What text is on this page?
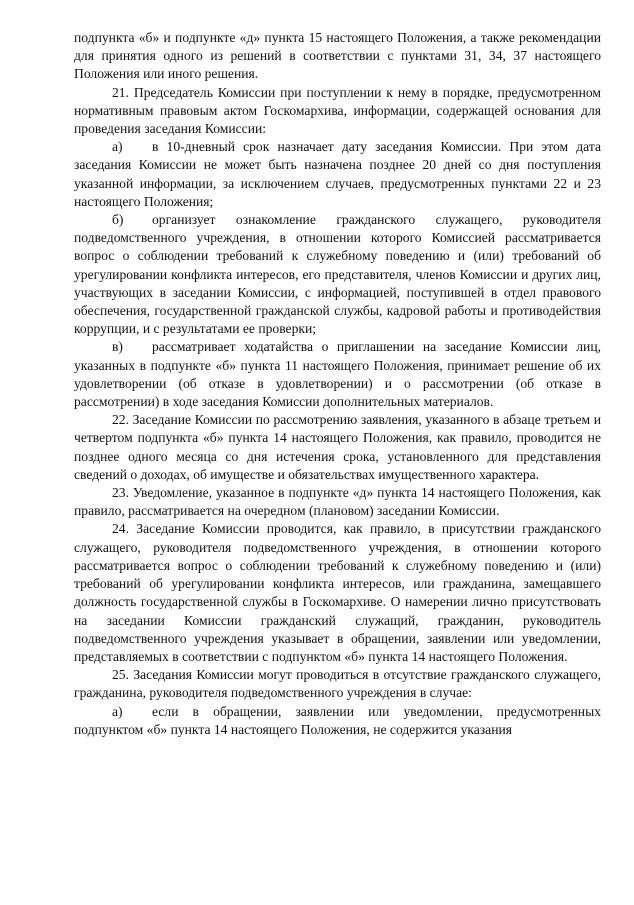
подпункта «б» и подпункте «д» пункта 15 настоящего Положения, а также рекомендации для принятия одного из решений в соответствии с пунктами 31, 34, 37 настоящего Положения или иного решения.

21. Председатель Комиссии при поступлении к нему в порядке, предусмотренном нормативным правовым актом Госкомархива, информации, содержащей основания для проведения заседания Комиссии:

а) в 10-дневный срок назначает дату заседания Комиссии. При этом дата заседания Комиссии не может быть назначена позднее 20 дней со дня поступления указанной информации, за исключением случаев, предусмотренных пунктами 22 и 23 настоящего Положения;

б) организует ознакомление гражданского служащего, руководителя подведомственного учреждения, в отношении которого Комиссией рассматривается вопрос о соблюдении требований к служебному поведению и (или) требований об урегулировании конфликта интересов, его представителя, членов Комиссии и других лиц, участвующих в заседании Комиссии, с информацией, поступившей в отдел правового обеспечения, государственной гражданской службы, кадровой работы и противодействия коррупции, и с результатами ее проверки;

в) рассматривает ходатайства о приглашении на заседание Комиссии лиц, указанных в подпункте «б» пункта 11 настоящего Положения, принимает решение об их удовлетворении (об отказе в удовлетворении) и о рассмотрении (об отказе в рассмотрении) в ходе заседания Комиссии дополнительных материалов.

22. Заседание Комиссии по рассмотрению заявления, указанного в абзаце третьем и четвертом подпункта «б» пункта 14 настоящего Положения, как правило, проводится не позднее одного месяца со дня истечения срока, установленного для представления сведений о доходах, об имуществе и обязательствах имущественного характера.

23. Уведомление, указанное в подпункте «д» пункта 14 настоящего Положения, как правило, рассматривается на очередном (плановом) заседании Комиссии.

24. Заседание Комиссии проводится, как правило, в присутствии гражданского служащего, руководителя подведомственного учреждения, в отношении которого рассматривается вопрос о соблюдении требований к служебному поведению и (или) требований об урегулировании конфликта интересов, или гражданина, замещавшего должность государственной службы в Госкомархиве. О намерении лично присутствовать на заседании Комиссии гражданский служащий, гражданин, руководитель подведомственного учреждения указывает в обращении, заявлении или уведомлении, представляемых в соответствии с подпунктом «б» пункта 14 настоящего Положения.

25. Заседания Комиссии могут проводиться в отсутствие гражданского служащего, гражданина, руководителя подведомственного учреждения в случае:

а) если в обращении, заявлении или уведомлении, предусмотренных подпунктом «б» пункта 14 настоящего Положения, не содержится указания
